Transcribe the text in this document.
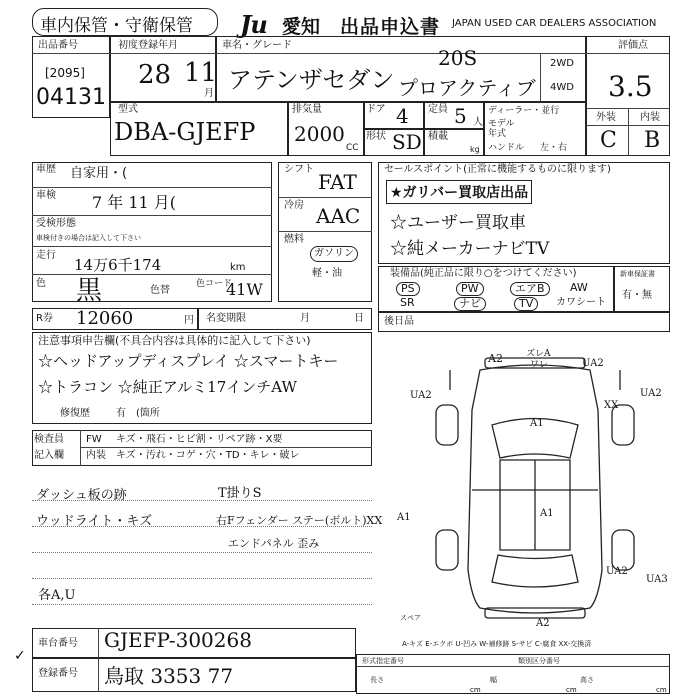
車内保管・守衛保管 Ju 愛知 出品申込書 JAPAN USED CAR DEALERS ASSOCIATION
出品番号
[2095]
04131
初度登録年月
28 11
月
車名・グレード
アテンザセダン
20S
プロアクティブ
2WD
4WD
評価点
3.5
外装 内装
C B
型式
DBA-GJEFP
排気量
2000
CC
ドア 4 定員 5 人
形状 SD 積載
kg
ディーラー・並行
モデル
年式
ハンドル 左・右
車歴 自家用・(
車検 7 年 11 月(
受検形態
車検付きの場合は記入して下さい
走行
14万6千174	km
色 黒	色替
色コード
41W
シフト
FAT
冷房 AAC
燃料
ガソリン
軽・油
R券 12060	円 名変期限	月	日
注意事項申告欄(不具合内容は具体的に記入して下さい)
☆ヘッドアップディスプレイ ☆スマートキー
☆トラコン ☆純正アルミ17インチAW
修復歴	有　(箇所
検査員
記入欄
FW キズ・飛石・ヒビ割・リペア跡・X要
内装 キズ・汚れ・コゲ・穴・TD・キレ・破レ
ダッシュ板の跡	T掛りS
ウッドライト・キズ	右Fフェンダー ステー(ボルト)XX
エンドパネル 歪み
各A,U
セールスポイント(正常に機能するものに限ります)
★ガリバー買取店出品
☆ユーザー買取車
☆純メーカーナビTV
装備品(純正品に限り○をつけてください)
PS	PW	エアB	AW
SR	ナビ	TV	カワシート
新車保証書
有・無
後日品
A2	ズレA
ワレ	UA2
UA2
XX
UA2
A1
A1	A1
UA2
UA3
A2
スペア
A-キズ E-エクボ U-凹み W-補修跡 S-サビ C-腐食 XX-交換済
車台番号 GJEFP-300268
登録番号 鳥取 3353 77
✓	形式指定番号	類別区分番号
長さ
cm
幅
cm
高さ
cm
